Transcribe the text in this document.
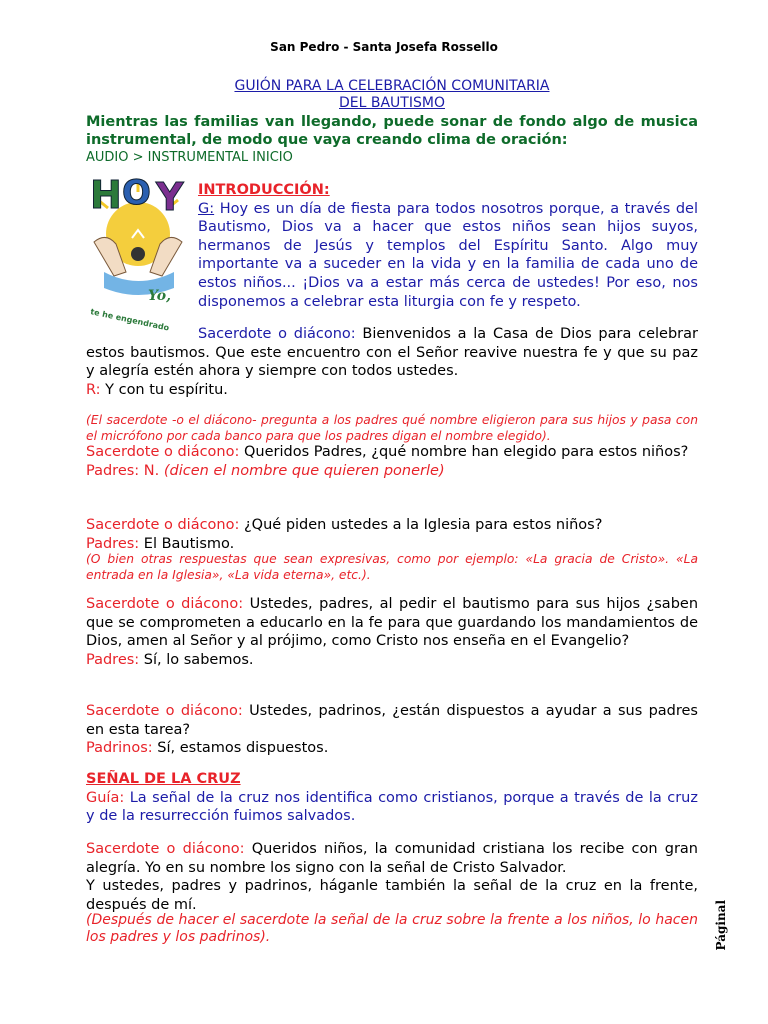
San Pedro - Santa Josefa Rossello
GUIÓN PARA LA CELEBRACIÓN COMUNITARIA
DEL BAUTISMO
Mientras las familias van llegando, puede sonar de fondo algo de musica instrumental, de modo que vaya creando clima de oración:
AUDIO > INSTRUMENTAL INICIO
H O Y
Yo,
te he engendrado
INTRODUCCIÓN:
G: Hoy es un día de fiesta para todos nosotros porque, a través del Bautismo, Dios va a hacer que estos niños sean hijos suyos, hermanos de Jesús y templos del Espíritu Santo. Algo muy importante va a suceder en la vida y en la familia de cada uno de estos niños... ¡Dios va a estar más cerca de ustedes! Por eso, nos disponemos a celebrar esta liturgia con fe y respeto.
Sacerdote o diácono: Bienvenidos a la Casa de Dios para celebrar estos bautismos. Que este encuentro con el Señor reavive nuestra fe y que su paz y alegría estén ahora y siempre con todos ustedes.
R: Y con tu espíritu.
(El sacerdote -o el diácono- pregunta a los padres qué nombre eligieron para sus hijos y pasa con el micrófono por cada banco para que los padres digan el nombre elegido).
Sacerdote o diácono: Queridos Padres, ¿qué nombre han elegido para estos niños?
Padres: N. (dicen el nombre que quieren ponerle)
Sacerdote o diácono: ¿Qué piden ustedes a la Iglesia para estos niños?
Padres: El Bautismo.
(O bien otras respuestas que sean expresivas, como por ejemplo: «La gracia de Cristo». «La entrada en la Iglesia», «La vida eterna», etc.).
Sacerdote o diácono: Ustedes, padres, al pedir el bautismo para sus hijos ¿saben que se comprometen a educarlo en la fe para que guardando los mandamientos de Dios, amen al Señor y al prójimo, como Cristo nos enseña en el Evangelio?
Padres: Sí, lo sabemos.
Sacerdote o diácono: Ustedes, padrinos, ¿están dispuestos a ayudar a sus padres en esta tarea?
Padrinos: Sí, estamos dispuestos.
SEÑAL DE LA CRUZ
Guía: La señal de la cruz nos identifica como cristianos, porque a través de la cruz y de la resurrección fuimos salvados.
Sacerdote o diácono: Queridos niños, la comunidad cristiana los recibe con gran alegría. Yo en su nombre los signo con la señal de Cristo Salvador.
Y ustedes, padres y padrinos, háganle también la señal de la cruz en la frente, después de mí.
(Después de hacer el sacerdote la señal de la cruz sobre la frente a los niños, lo hacen los padres y los padrinos).	Páginal
